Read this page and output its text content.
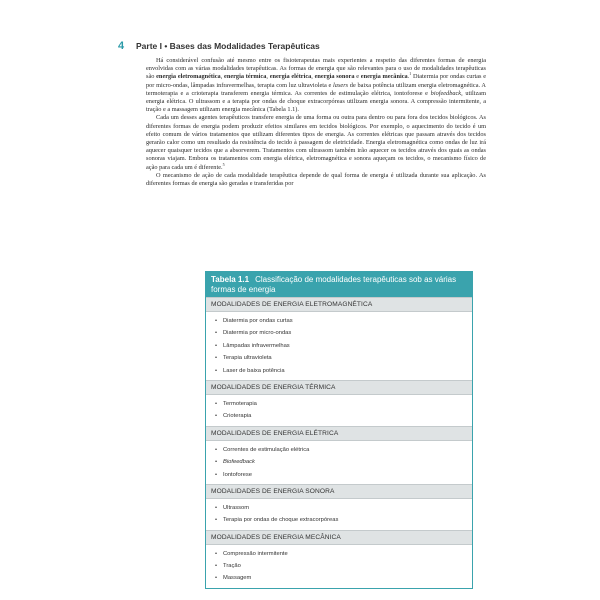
4 Parte I • Bases das Modalidades Terapêuticas

Há considerável confusão até mesmo entre os fisioterapeutas mais experientes a respeito das diferentes formas de energia envolvidas com as várias modalidades terapêuticas. As formas de energia que são relevantes para o uso de modalidades terapêuticas são energia eletromagnética, energia térmica, energia elétrica, energia sonora e energia mecânica.$^1$ Diatermia por ondas curtas e por micro-ondas, lâmpadas infravermelhas, terapia com luz ultravioleta e lasers de baixa potência utilizam energia eletromagnética. A termoterapia e a crioterapia transferem energia térmica. As correntes de estimulação elétrica, iontoforese e biofeedback, utilizam energia elétrica. O ultrassom e a terapia por ondas de choque extracorpóreas utilizam energia sonora. A compressão intermitente, a tração e a massagem utilizam energia mecânica (Tabela 1.1).

Cada um desses agentes terapêuticos transfere energia de uma forma ou outra para dentro ou para fora dos tecidos biológicos. As diferentes formas de energia podem produzir efeitos similares em tecidos biológicos. Por exemplo, o aquecimento do tecido é um efeito comum de vários tratamentos que utilizam diferentes tipos de energia. As correntes elétricas que passam através dos tecidos gerarão calor como um resultado da resistência do tecido à passagem de eletricidade. Energia eletromagnética como ondas de luz irá aquecer quaisquer tecidos que a absorverem. Tratamentos com ultrassom também irão aquecer os tecidos através dos quais as ondas sonoras viajam. Embora os tratamentos com energia elétrica, eletromagnética e sonora aqueçam os tecidos, o mecanismo físico de ação para cada um é diferente.$^5$

O mecanismo de ação de cada modalidade terapêutica depende de qual forma de energia é utilizada durante sua aplicação. As diferentes formas de energia são geradas e transferidas por

Tabela 1.1 Classificação de modalidades terapêuticas sob as várias formas de energia
MODALIDADES DE ENERGIA ELETROMAGNÉTICA
• Diatermia por ondas curtas
• Diatermia por micro-ondas
• Lâmpadas infravermelhas
• Terapia ultravioleta
• Laser de baixa potência
MODALIDADES DE ENERGIA TÉRMICA
• Termoterapia
• Crioterapia
MODALIDADES DE ENERGIA ELÉTRICA
• Correntes de estimulação elétrica
• Biofeedback
• Iontoforese
MODALIDADES DE ENERGIA SONORA
• Ultrassom
• Terapia por ondas de choque extracorpóreas
MODALIDADES DE ENERGIA MECÂNICA
• Compressão intermitente
• Tração
• Massagem
